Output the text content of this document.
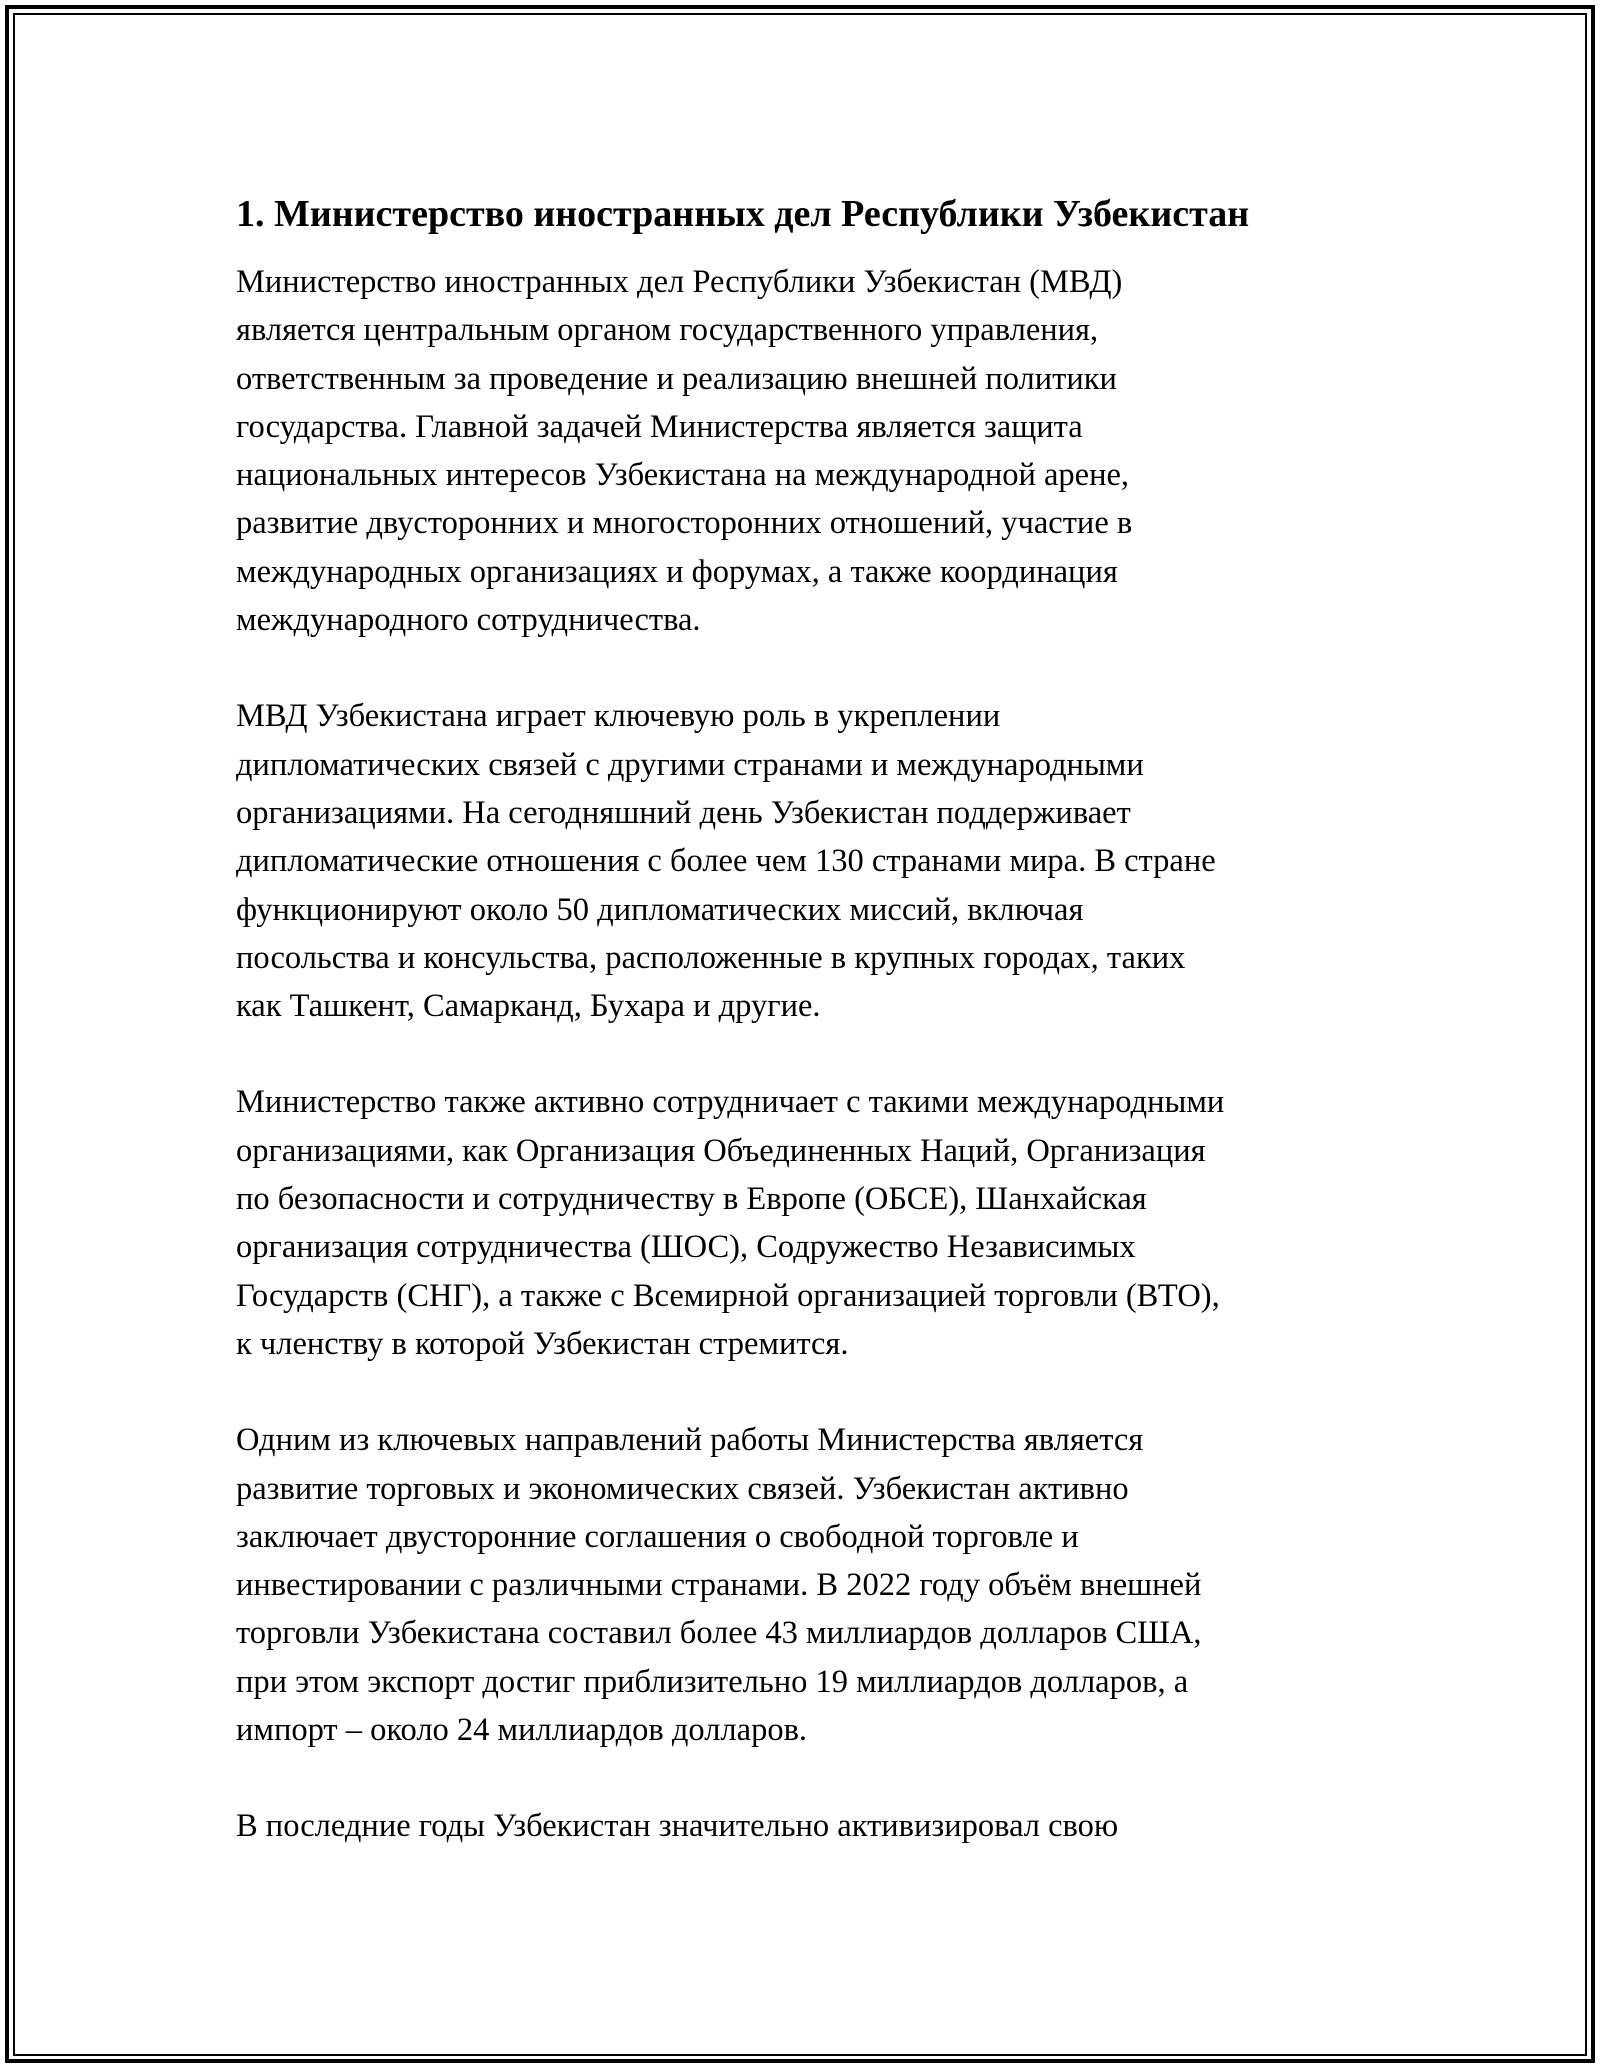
1. Министерство иностранных дел Республики Узбекистан

Министерство иностранных дел Республики Узбекистан (МВД)
является центральным органом государственного управления,
ответственным за проведение и реализацию внешней политики
государства. Главной задачей Министерства является защита
национальных интересов Узбекистана на международной арене,
развитие двусторонних и многосторонних отношений, участие в
международных организациях и форумах, а также координация
международного сотрудничества.

МВД Узбекистана играет ключевую роль в укреплении
дипломатических связей с другими странами и международными
организациями. На сегодняшний день Узбекистан поддерживает
дипломатические отношения с более чем 130 странами мира. В стране
функционируют около 50 дипломатических миссий, включая
посольства и консульства, расположенные в крупных городах, таких
как Ташкент, Самарканд, Бухара и другие.

Министерство также активно сотрудничает с такими международными
организациями, как Организация Объединенных Наций, Организация
по безопасности и сотрудничеству в Европе (ОБСЕ), Шанхайская
организация сотрудничества (ШОС), Содружество Независимых
Государств (СНГ), а также с Всемирной организацией торговли (ВТО),
к членству в которой Узбекистан стремится.

Одним из ключевых направлений работы Министерства является
развитие торговых и экономических связей. Узбекистан активно
заключает двусторонние соглашения о свободной торговле и
инвестировании с различными странами. В 2022 году объём внешней
торговли Узбекистана составил более 43 миллиардов долларов США,
при этом экспорт достиг приблизительно 19 миллиардов долларов, а
импорт – около 24 миллиардов долларов.

В последние годы Узбекистан значительно активизировал свою
